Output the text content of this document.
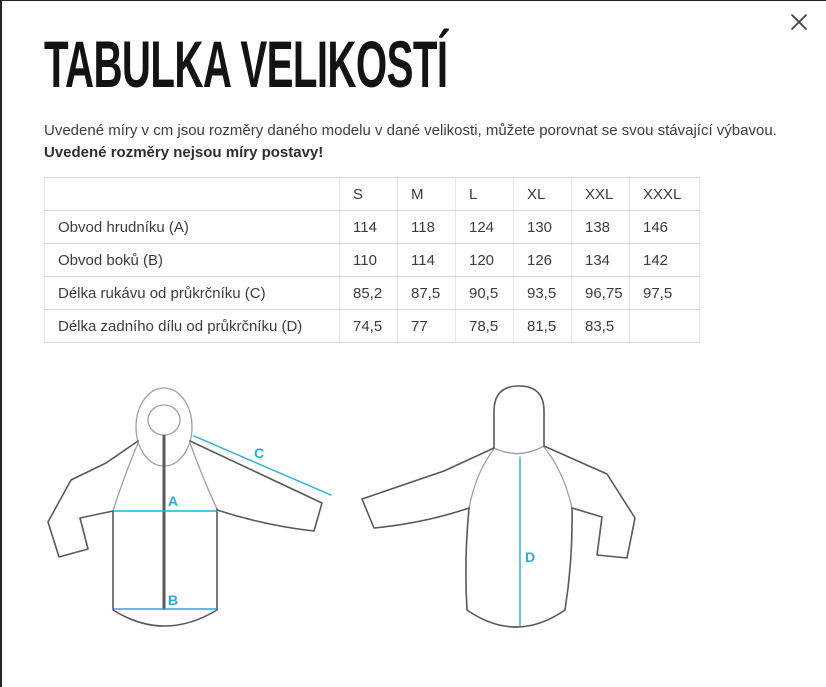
TABULKA VELIKOSTÍ

Uvedené míry v cm jsou rozměry daného modelu v dané velikosti, můžete porovnat se svou stávající výbavou.
Uvedené rozměry nejsou míry postavy!

	S	M	L	XL	XXL	XXXL
Obvod hrudníku (A)	114	118	124	130	138	146
Obvod boků (B)	110	114	120	126	134	142
Délka rukávu od průkrčníku (C)	85,2	87,5	90,5	93,5	96,75	97,5
Délka zadního dílu od průkrčníku (D)	74,5	77	78,5	81,5	83,5	
A
B
C
D
